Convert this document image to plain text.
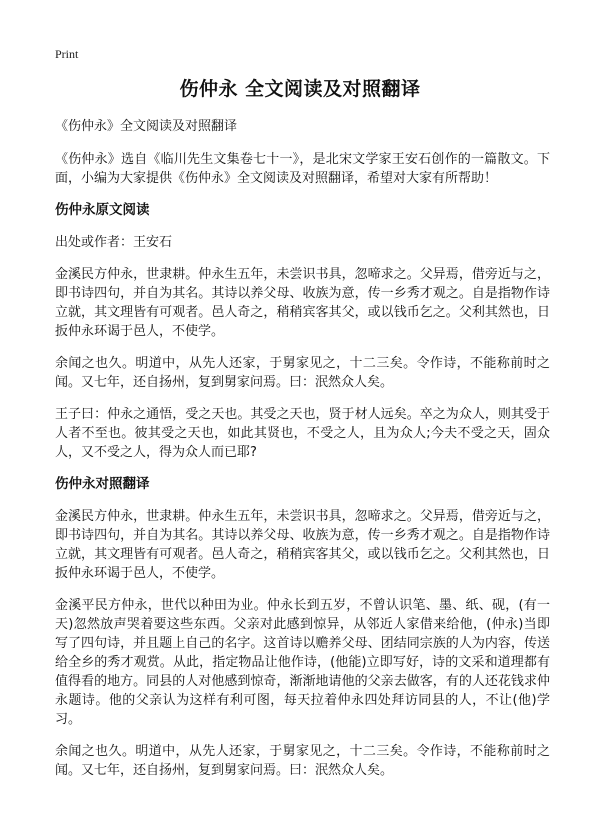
Print
伤仲永 全文阅读及对照翻译

《伤仲永》全文阅读及对照翻译

《伤仲永》选自《临川先生文集卷七十一》，是北宋文学家王安石创作的一篇散文。下面，小编为大家提供《伤仲永》全文阅读及对照翻译，希望对大家有所帮助！

伤仲永原文阅读

出处或作者：王安石

金溪民方仲永，世隶耕。仲永生五年，未尝识书具，忽啼求之。父异焉，借旁近与之，即书诗四句，并自为其名。其诗以养父母、收族为意，传一乡秀才观之。自是指物作诗立就，其文理皆有可观者。邑人奇之，稍稍宾客其父，或以钱币乞之。父利其然也，日扳仲永环谒于邑人，不使学。

余闻之也久。明道中，从先人还家，于舅家见之，十二三矣。令作诗，不能称前时之闻。又七年，还自扬州，复到舅家问焉。曰：泯然众人矣。

王子曰：仲永之通悟，受之天也。其受之天也，贤于材人远矣。卒之为众人，则其受于人者不至也。彼其受之天也，如此其贤也，不受之人，且为众人;今夫不受之天，固众人，又不受之人，得为众人而已耶?

伤仲永对照翻译

金溪民方仲永，世隶耕。仲永生五年，未尝识书具，忽啼求之。父异焉，借旁近与之，即书诗四句，并自为其名。其诗以养父母、收族为意，传一乡秀才观之。自是指物作诗立就，其文理皆有可观者。邑人奇之，稍稍宾客其父，或以钱币乞之。父利其然也，日扳仲永环谒于邑人，不使学。

金溪平民方仲永，世代以种田为业。仲永长到五岁，不曾认识笔、墨、纸、砚，(有一天)忽然放声哭着要这些东西。父亲对此感到惊异，从邻近人家借来给他，(仲永)当即写了四句诗，并且题上自己的名字。这首诗以赡养父母、团结同宗族的人为内容，传送给全乡的秀才观赏。从此，指定物品让他作诗，(他能)立即写好，诗的文采和道理都有值得看的地方。同县的人对他感到惊奇，渐渐地请他的父亲去做客，有的人还花钱求仲永题诗。他的父亲认为这样有利可图，每天拉着仲永四处拜访同县的人，不让(他)学习。

余闻之也久。明道中，从先人还家，于舅家见之，十二三矣。令作诗，不能称前时之闻。又七年，还自扬州，复到舅家问焉。曰：泯然众人矣。
